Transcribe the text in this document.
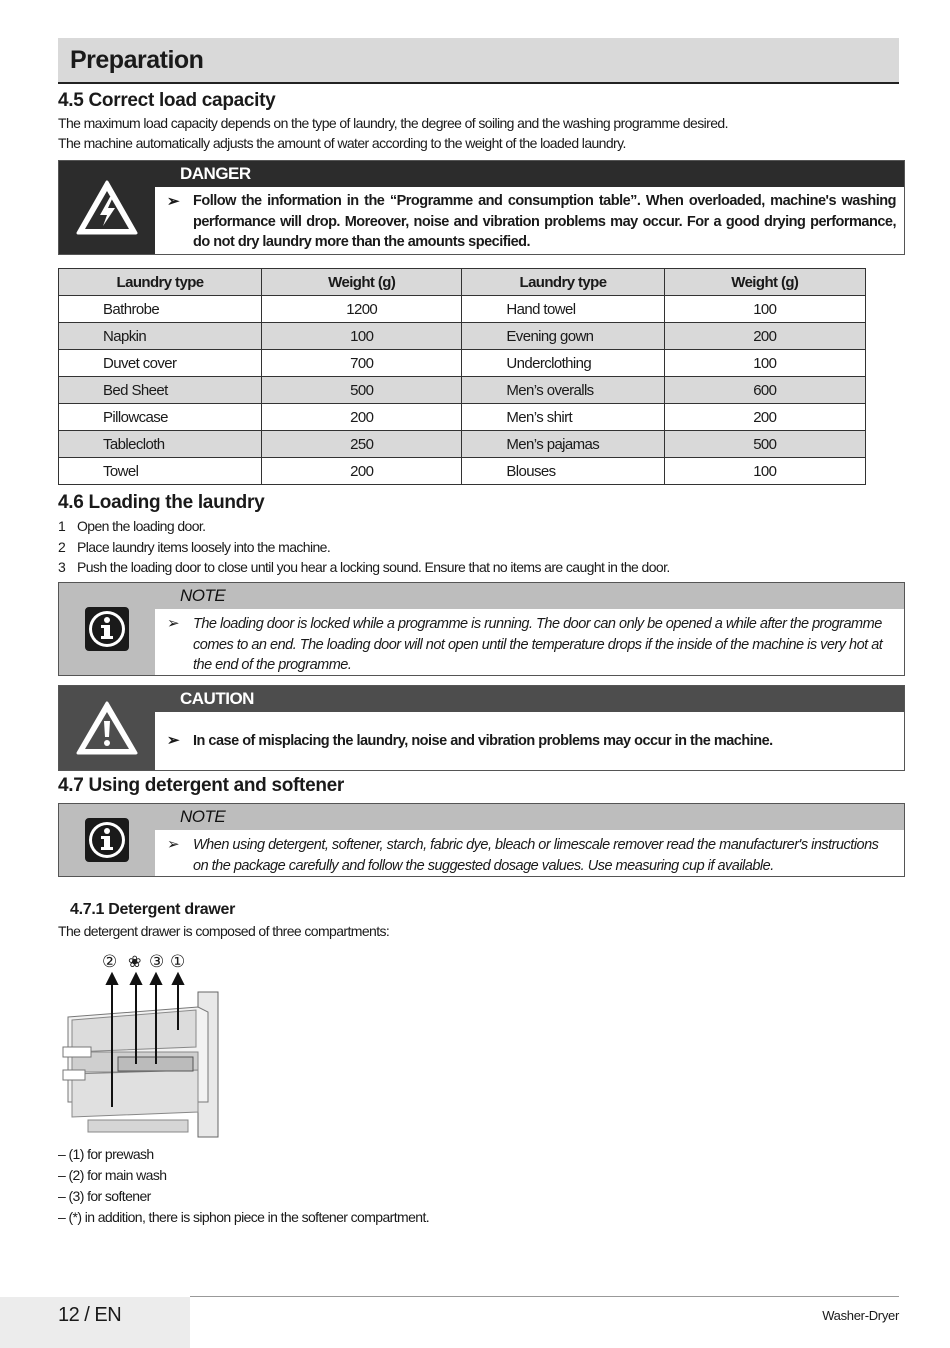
Preparation
4.5 Correct load capacity
The maximum load capacity depends on the type of laundry, the degree of soiling and the washing programme desired.
The machine automatically adjusts the amount of water according to the weight of the loaded laundry.
DANGER
➢ Follow the information in the “Programme and consumption table”. When overloaded, machine's washing performance will drop. Moreover, noise and vibration problems may occur. For a good drying performance, do not dry laundry more than the amounts specified.
Laundry type	Weight (g)	Laundry type	Weight (g)
Bathrobe	1200	Hand towel	100
Napkin	100	Evening gown	200
Duvet cover	700	Underclothing	100
Bed Sheet	500	Men’s overalls	600
Pillowcase	200	Men’s shirt	200
Tablecloth	250	Men’s pajamas	500
Towel	200	Blouses	100
4.6 Loading the laundry
1 Open the loading door.
2 Place laundry items loosely into the machine.
3 Push the loading door to close until you hear a locking sound. Ensure that no items are caught in the door.
NOTE
➢ The loading door is locked while a programme is running. The door can only be opened a while after the programme comes to an end. The loading door will not open until the temperature drops if the inside of the machine is very hot at the end of the programme.
CAUTION
➢ In case of misplacing the laundry, noise and vibration problems may occur in the machine.
4.7 Using detergent and softener
NOTE
➢ When using detergent, softener, starch, fabric dye, bleach or limescale remover read the manufacturer's instructions on the package carefully and follow the suggested dosage values. Use measuring cup if available.
4.7.1 Detergent drawer
The detergent drawer is composed of three compartments:
② ❀ ③ ①
– (1) for prewash
– (2) for main wash
– (3) for softener
– (*) in addition, there is siphon piece in the softener compartment.
12 / EN	Washer-Dryer
